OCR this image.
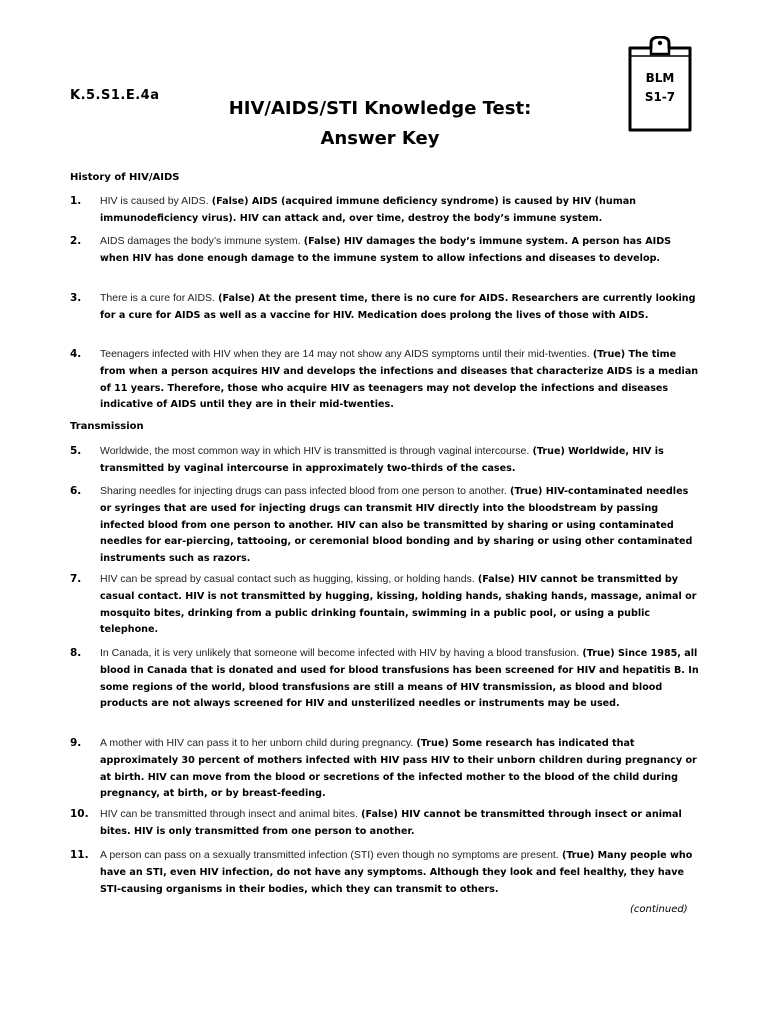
K.5.S1.E.4a
HIV/AIDS/STI Knowledge Test:
Answer Key
BLM
S1-7
History of HIV/AIDS
1.	HIV is caused by AIDS. (False) AIDS (acquired immune deficiency syndrome) is caused by HIV (human immunodeficiency virus). HIV can attack and, over time, destroy the body’s immune system.
2.	AIDS damages the body’s immune system. (False) HIV damages the body’s immune system. A person has AIDS when HIV has done enough damage to the immune system to allow infections and diseases to develop.
3.	There is a cure for AIDS. (False) At the present time, there is no cure for AIDS. Researchers are currently looking for a cure for AIDS as well as a vaccine for HIV. Medication does prolong the lives of those with AIDS.
4.	Teenagers infected with HIV when they are 14 may not show any AIDS symptoms until their mid-twenties. (True) The time from when a person acquires HIV and develops the infections and diseases that characterize AIDS is a median of 11 years. Therefore, those who acquire HIV as teenagers may not develop the infections and diseases indicative of AIDS until they are in their mid-twenties.
Transmission
5.	Worldwide, the most common way in which HIV is transmitted is through vaginal intercourse. (True) Worldwide, HIV is transmitted by vaginal intercourse in approximately two-thirds of the cases.
6.	Sharing needles for injecting drugs can pass infected blood from one person to another. (True) HIV-contaminated needles or syringes that are used for injecting drugs can transmit HIV directly into the bloodstream by passing infected blood from one person to another. HIV can also be transmitted by sharing or using contaminated needles for ear-piercing, tattooing, or ceremonial blood bonding and by sharing or using other contaminated instruments such as razors.
7.	HIV can be spread by casual contact such as hugging, kissing, or holding hands. (False) HIV cannot be transmitted by casual contact. HIV is not transmitted by hugging, kissing, holding hands, shaking hands, massage, animal or mosquito bites, drinking from a public drinking fountain, swimming in a public pool, or using a public telephone.
8.	In Canada, it is very unlikely that someone will become infected with HIV by having a blood transfusion. (True) Since 1985, all blood in Canada that is donated and used for blood transfusions has been screened for HIV and hepatitis B. In some regions of the world, blood transfusions are still a means of HIV transmission, as blood and blood products are not always screened for HIV and unsterilized needles or instruments may be used.
9.	A mother with HIV can pass it to her unborn child during pregnancy. (True) Some research has indicated that approximately 30 percent of mothers infected with HIV pass HIV to their unborn children during pregnancy or at birth. HIV can move from the blood or secretions of the infected mother to the blood of the child during pregnancy, at birth, or by breast-feeding.
10.	HIV can be transmitted through insect and animal bites. (False) HIV cannot be transmitted through insect or animal bites. HIV is only transmitted from one person to another.
11.	A person can pass on a sexually transmitted infection (STI) even though no symptoms are present. (True) Many people who have an STI, even HIV infection, do not have any symptoms. Although they look and feel healthy, they have STI-causing organisms in their bodies, which they can transmit to others.
(continued)
